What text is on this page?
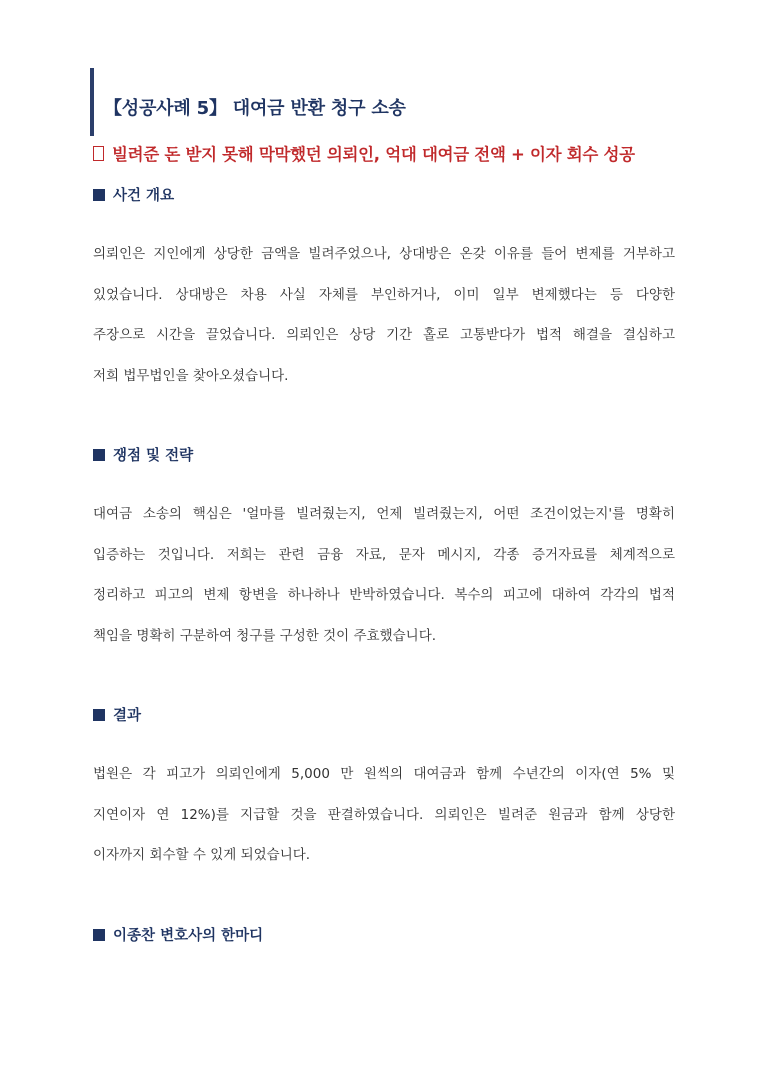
【성공사례 5】 대여금 반환 청구 소송
빌려준 돈 받지 못해 막막했던 의뢰인, 억대 대여금 전액 + 이자 회수 성공
사건 개요
의뢰인은 지인에게 상당한 금액을 빌려주었으나, 상대방은 온갖 이유를 들어 변제를 거부하고
있었습니다. 상대방은 차용 사실 자체를 부인하거나, 이미 일부 변제했다는 등 다양한
주장으로 시간을 끌었습니다. 의뢰인은 상당 기간 홀로 고통받다가 법적 해결을 결심하고
저희 법무법인을 찾아오셨습니다.
쟁점 및 전략
대여금 소송의 핵심은 '얼마를 빌려줬는지, 언제 빌려줬는지, 어떤 조건이었는지'를 명확히
입증하는 것입니다. 저희는 관련 금융 자료, 문자 메시지, 각종 증거자료를 체계적으로
정리하고 피고의 변제 항변을 하나하나 반박하였습니다. 복수의 피고에 대하여 각각의 법적
책임을 명확히 구분하여 청구를 구성한 것이 주효했습니다.
결과
법원은 각 피고가 의뢰인에게 5,000 만 원씩의 대여금과 함께 수년간의 이자(연 5% 및
지연이자 연 12%)를 지급할 것을 판결하였습니다. 의뢰인은 빌려준 원금과 함께 상당한
이자까지 회수할 수 있게 되었습니다.
이종찬 변호사의 한마디
